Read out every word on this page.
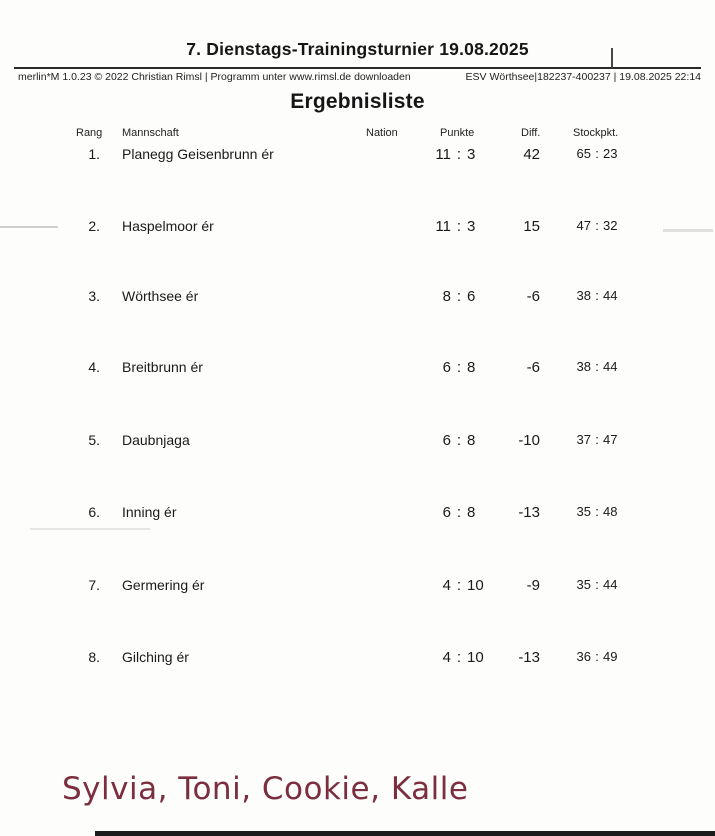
7. Dienstags-Trainingsturnier 19.08.2025
merlin*M 1.0.23 © 2022 Christian Rimsl | Programm unter www.rimsl.de downloaden	ESV Wörthsee|182237-400237 | 19.08.2025 22:14
Ergebnisliste
Rang Mannschaft	Nation	Punkte	Diff.	Stockpkt.
1. Planegg Geisenbrunn ér	11 : 3	42	65 : 23
2. Haspelmoor ér	11 : 3	15	47 : 32
3. Wörthsee ér	8 : 6	-6	38 : 44
4. Breitbrunn ér	6 : 8	-6	38 : 44
5. Daubnjaga	6 : 8	-10	37 : 47
6. Inning ér	6 : 8	-13	35 : 48
7. Germering ér	4 : 10	-9	35 : 44
8. Gilching ér	4 : 10	-13	36 : 49
Sylvia, Toni, Cookie, Kalle
